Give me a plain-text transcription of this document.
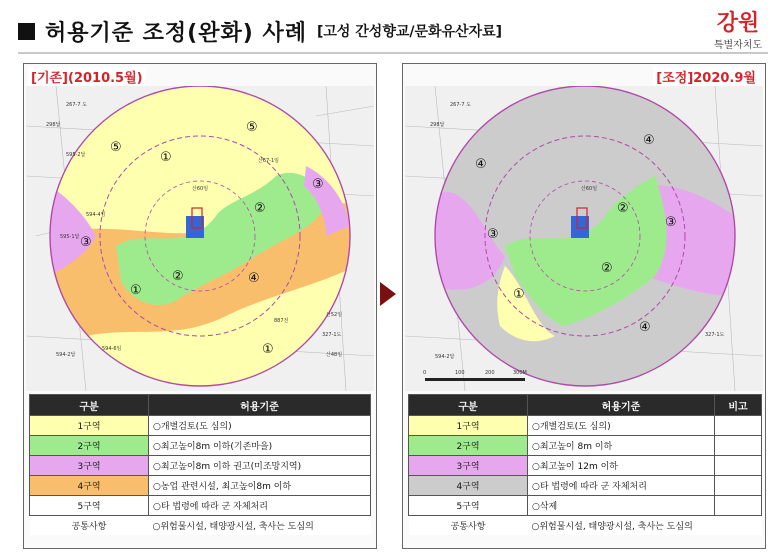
허용기준 조정(완화) 사례 [고성 간성향교/문화유산자료]	강원
특별자치도
[기존](2010.5월)
①
①
①
②
②
③
③
④
⑤
⑤
267-7 도
298답
595-2답
산60임
산67-1임
595-1답
594-4임
594-6임
산48임
산52임
327-1도
887전
594-2답
[조정]2020.9월
①
②
②
③
③
④
④
④
267-7 도
298답
산60임
327-1도
594-2답
0	100	200	300M
구분	허용기준
1구역	○개별검토(도 심의)
2구역	○최고높이8m 이하(기존마을)
3구역	○최고높이8m 이하 권고(미조망지역)
4구역	○농업 관련시설, 최고높이8m 이하
5구역	○타 법령에 따라 군 자체처리
공통사항	○위험물시설, 태양광시설, 축사는 도심의
구분	허용기준	비고
1구역	○개별검토(도 심의)	
2구역	○최고높이 8m 이하	
3구역	○최고높이 12m 이하	
4구역	○타 법령에 따라 군 자체처리	
5구역	○삭제	
공통사항	○위험물시설, 태양광시설, 축사는 도심의	
